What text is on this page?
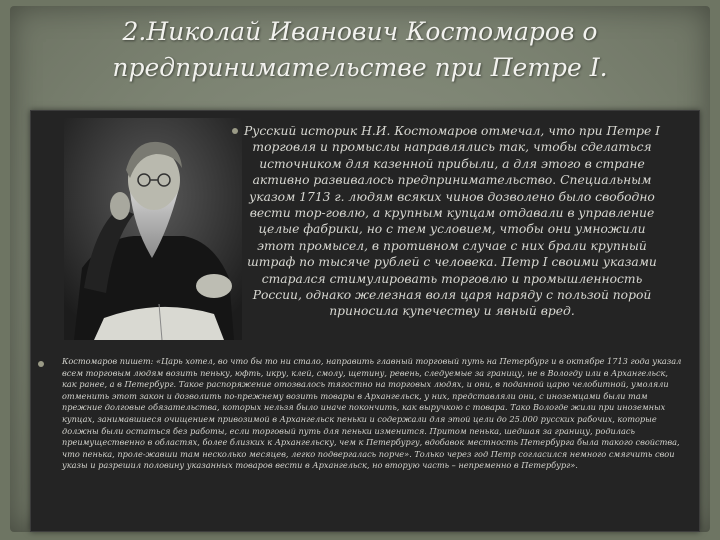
2.Николай Иванович Костомаров о
предпринимательстве при Петре I.
Русский историк Н.И. Костомаров отмечал, что при Петре I торговля и промыслы направлялись так, чтобы сделаться источником для казенной прибыли, а для этого в стране активно развивалось предпринимательство. Специальным указом 1713 г. людям всяких чинов дозволено было свободно вести тор-говлю, а крупным купцам отдавали в управление целые фабрики, но с тем условием, чтобы они умножили этот промысел, в противном случае с них брали крупный штраф по тысяче рублей с человека. Петр I своими указами старался стимулировать торговлю и промышленность России, однако железная воля царя наряду с пользой порой приносила купечеству и явный вред.
Костомаров пишет: «Царь хотел, во что бы то ни стало, направить главный торговый путь на Петербург и в октябре 1713 года указал всем торговым людям возить пеньку, юфть, икру, клей, смолу, щетину, ревень, следуемые за границу, не в Вологду или в Архангельск, как ранее, а в Петербург. Такое распоряжение отозвалось тягостно на торговых людях, и они, в поданной царю челобитной, умоляли отменить этот закон и дозволить по-прежнему возить товары в Архангельск, у них, представляли они, с иноземцами были там прежние долговые обязательства, которых нельзя было иначе покончить, как выручкою с товара. Тако Вологде жили при иноземных купцах, занимавшиеся очищением привозимой в Архангельск пеньки и содержали для этой цели до 25.000 русских рабочих, которые должны были остаться без работы, если торговый путь для пеньки изменится. Притом пенька, шедшая за границу, родилась преимущественно в областях, более близких к Архангельску, чем к Петербургу, вдобавок местность Петербурга была такого свойства, что пенька, проле-жавши там несколько месяцев, легко подвергалась порче». Только через год Петр согласился немного смягчить свои указы и разрешил половину указанных товаров вести в Архангельск, но вторую часть – непременно в Петербург».
